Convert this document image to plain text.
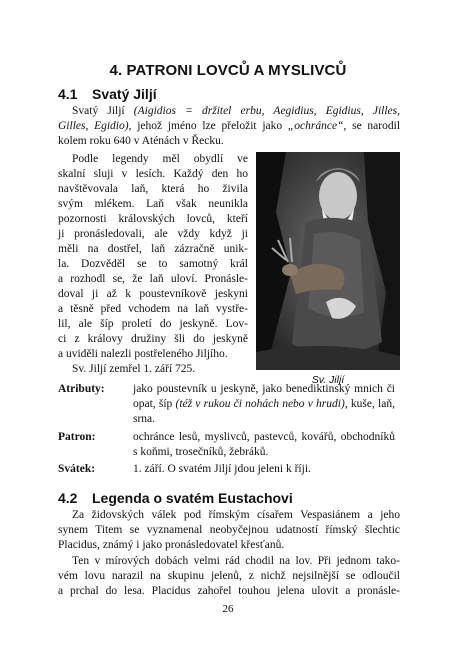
4. PATRONI LOVCŮ A MYSLIVCŮ
4.1 Svatý Jiljí
Svatý Jiljí (Aigidios = držitel erbu, Aegidius, Egidius, Jilles,
Gilles, Egidio), jehož jméno lze přeložit jako „ochránce“, se narodil
kolem roku 640 v Aténách v Řecku.
Podle legendy měl obydlí ve
skalní sluji v lesích. Každý den ho
navštěvovala laň, která ho živila
svým mlékem. Laň však neunikla
pozornosti královských lovců, kteří
ji pronásledovali, ale vždy když ji
měli na dostřel, laň zázračně unik-
la. Dozvěděl se to samotný král
a rozhodl se, že laň uloví. Pronásle-
doval ji až k poustevníkově jeskyni
a těsně před vchodem na laň vystře-
lil, ale šíp proletí do jeskyně. Lov-
ci z královy družiny šli do jeskyně
a uviděli nalezli postřeleného Jiljího.
Sv. Jiljí
Sv. Jiljí zemřel 1. září 725.
Atributy: jako poustevník u jeskyně, jako benediktinský mnich či
opat, šíp (též v rukou či nohách nebo v hrudi), kuše, laň,
srna.
Patron:	ochránce lesů, myslivců, pastevců, kovářů, obchodníků
s koňmi, trosečníků, žebráků.
Svátek:	1. září. O svatém Jiljí jdou jeleni k říji.
4.2 Legenda o svatém Eustachovi
Za židovských válek pod římským císařem Vespasiánem a jeho
synem Titem se vyznamenal neobyčejnou udatností římský šlechtic
Placidus, známý i jako pronásledovatel křesťanů.
Ten v mírových dobách velmi rád chodil na lov. Při jednom tako-
vém lovu narazil na skupinu jelenů, z nichž nejsilnější se odloučil
a prchal do lesa. Placidus zahořel touhou jelena ulovit a pronásle-
26
